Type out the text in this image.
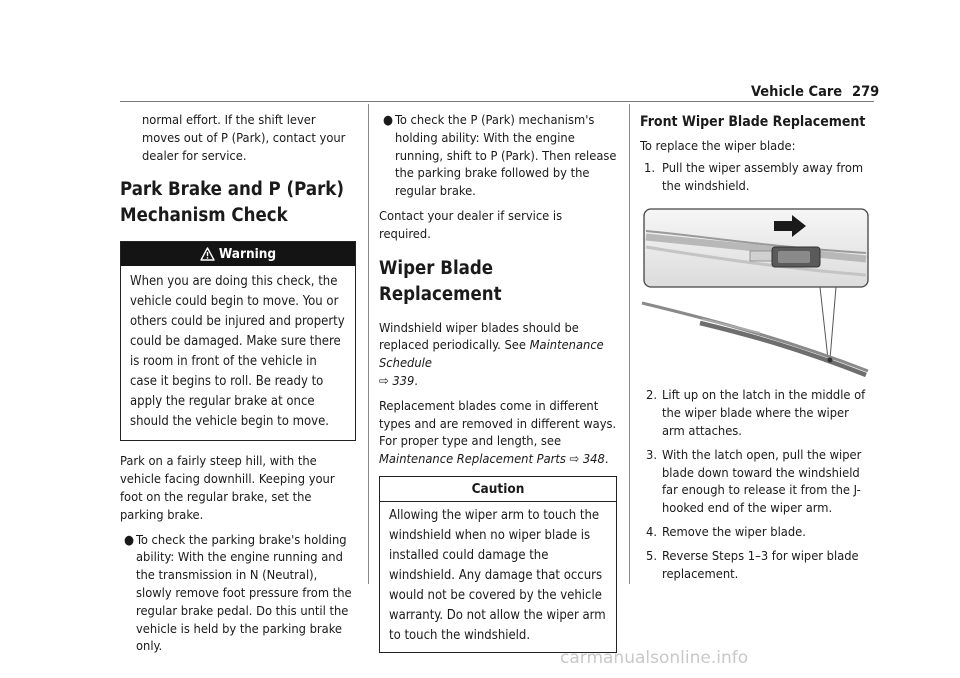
Vehicle Care 279

normal effort. If the shift lever moves out of P (Park), contact your dealer for service.

Park Brake and P (Park) Mechanism Check
Warning
When you are doing this check, the vehicle could begin to move. You or others could be injured and property could be damaged. Make sure there is room in front of the vehicle in case it begins to roll. Be ready to apply the regular brake at once should the vehicle begin to move.

Park on a fairly steep hill, with the vehicle facing downhill. Keeping your foot on the regular brake, set the parking brake.

● To check the parking brake's holding ability: With the engine running and the transmission in N (Neutral), slowly remove foot pressure from the regular brake pedal. Do this until the vehicle is held by the parking brake only.
● To check the P (Park) mechanism's holding ability: With the engine running, shift to P (Park). Then release the parking brake followed by the regular brake.

Contact your dealer if service is required.

Wiper Blade Replacement

Windshield wiper blades should be replaced periodically. See Maintenance Schedule
⇨ 339.

Replacement blades come in different types and are removed in different ways. For proper type and length, see Maintenance Replacement Parts ⇨ 348.

Caution
Allowing the wiper arm to touch the windshield when no wiper blade is installed could damage the windshield. Any damage that occurs would not be covered by the vehicle warranty. Do not allow the wiper arm to touch the windshield.
Front Wiper Blade Replacement

To replace the wiper blade:

1. Pull the wiper assembly away from the windshield.
2. Lift up on the latch in the middle of the wiper blade where the wiper arm attaches.
3. With the latch open, pull the wiper blade down toward the windshield far enough to release it from the J-hooked end of the wiper arm.
4. Remove the wiper blade.
5. Reverse Steps 1–3 for wiper blade replacement.
carmanualsonline.info
